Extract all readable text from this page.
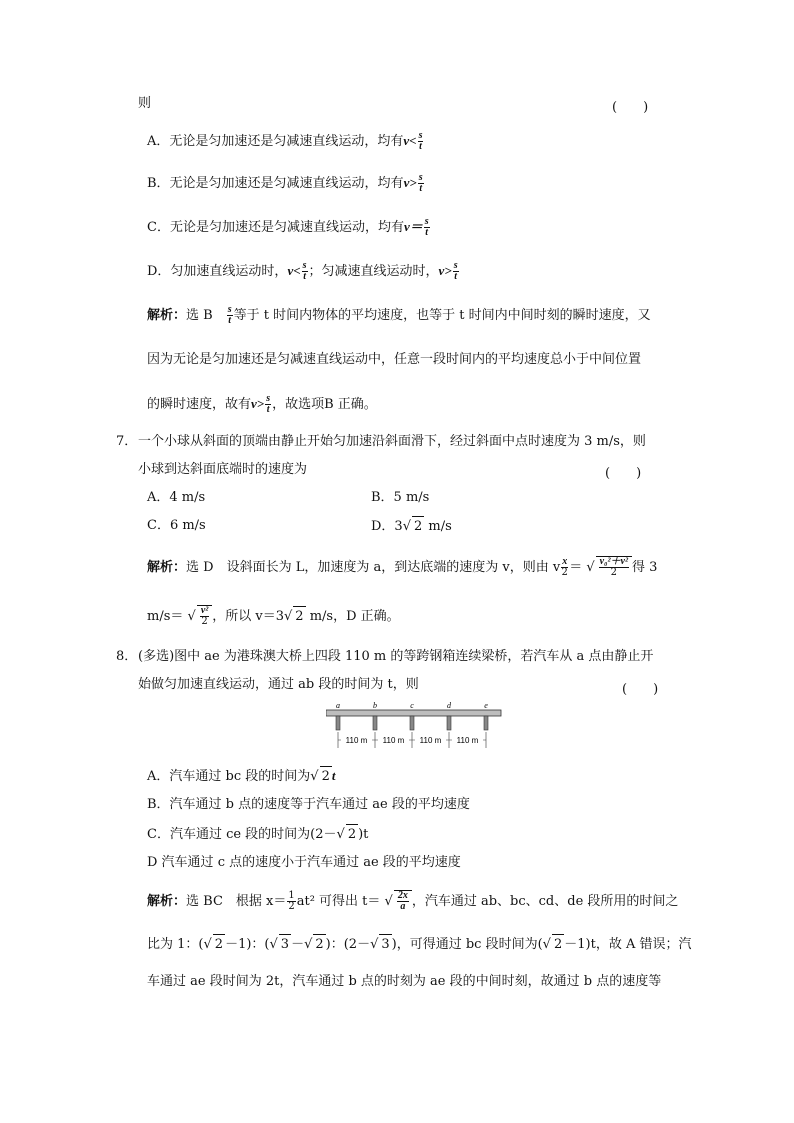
则	(　　)
A．无论是匀加速还是匀减速直线运动，均有$v< \frac{s}{t}$
B．无论是匀加速还是匀减速直线运动，均有$v> \frac{s}{t}$
C．无论是匀加速还是匀减速直线运动，均有$v= \frac{s}{t}$
D．匀加速直线运动时，$v< \frac{s}{t}$ ；匀减速直线运动时，$v> \frac{s}{t}$
解析：选 B　 $\frac{s}{t}$ 等于 t 时间内物体的平均速度，也等于 t 时间内中间时刻的瞬时速度，又
因为无论是匀加速还是匀减速直线运动中，任意一段时间内的平均速度总小于中间位置
的瞬时速度，故有$v> \frac{s}{t}$ ，故选项B 正确。
7． 一个小球从斜面的顶端由静止开始匀加速沿斜面滑下，经过斜面中点时速度为 3 m/s，则
小球到达斜面底端时的速度为	(　　)
A．4 m/s	B．5 m/s
C．6 m/s	D．3√ 2 m/s
解析：选 D　设斜面长为 L，加速度为 a，到达底端的速度为 v，则由 v $\frac{x}{2}$ ＝ √ $\frac{\text{v₀²＋v²}}{2}$ 得 3
m/s＝ √ $\frac{\text{v²}}{2}$ ，所以 v＝3√ 2 m/s，D 正确。
8． (多选)图中 ae 为港珠澳大桥上四段 110 m 的等跨钢箱连续梁桥，若汽车从 a 点由静止开
始做匀加速直线运动，通过 ab 段的时间为 t，则	(　　)
a	b	c	d	e
110 m 110 m 110 m 110 m
A．汽车通过 bc 段的时间为√ 2 t
B．汽车通过 b 点的速度等于汽车通过 ae 段的平均速度
C．汽车通过 ce 段的时间为(2－√ 2 )t
D 汽车通过 c 点的速度小于汽车通过 ae 段的平均速度
解析：选 BC　根据 $x= \frac{1}{2} at^2$ 可得出 t＝ √ $\frac{2x}{a}$ ，汽车通过 ab、bc、cd、de 段所用的时间之
比为 1：(√ 2 －1)：(√ 3 －√ 2 )：(2－√ 3 )，可得通过 bc 段时间为(√ 2 －1)t，故 A 错误；汽
车通过 ae 段时间为 2t，汽车通过 b 点的时刻为 ae 段的中间时刻，故通过 b 点的速度等
